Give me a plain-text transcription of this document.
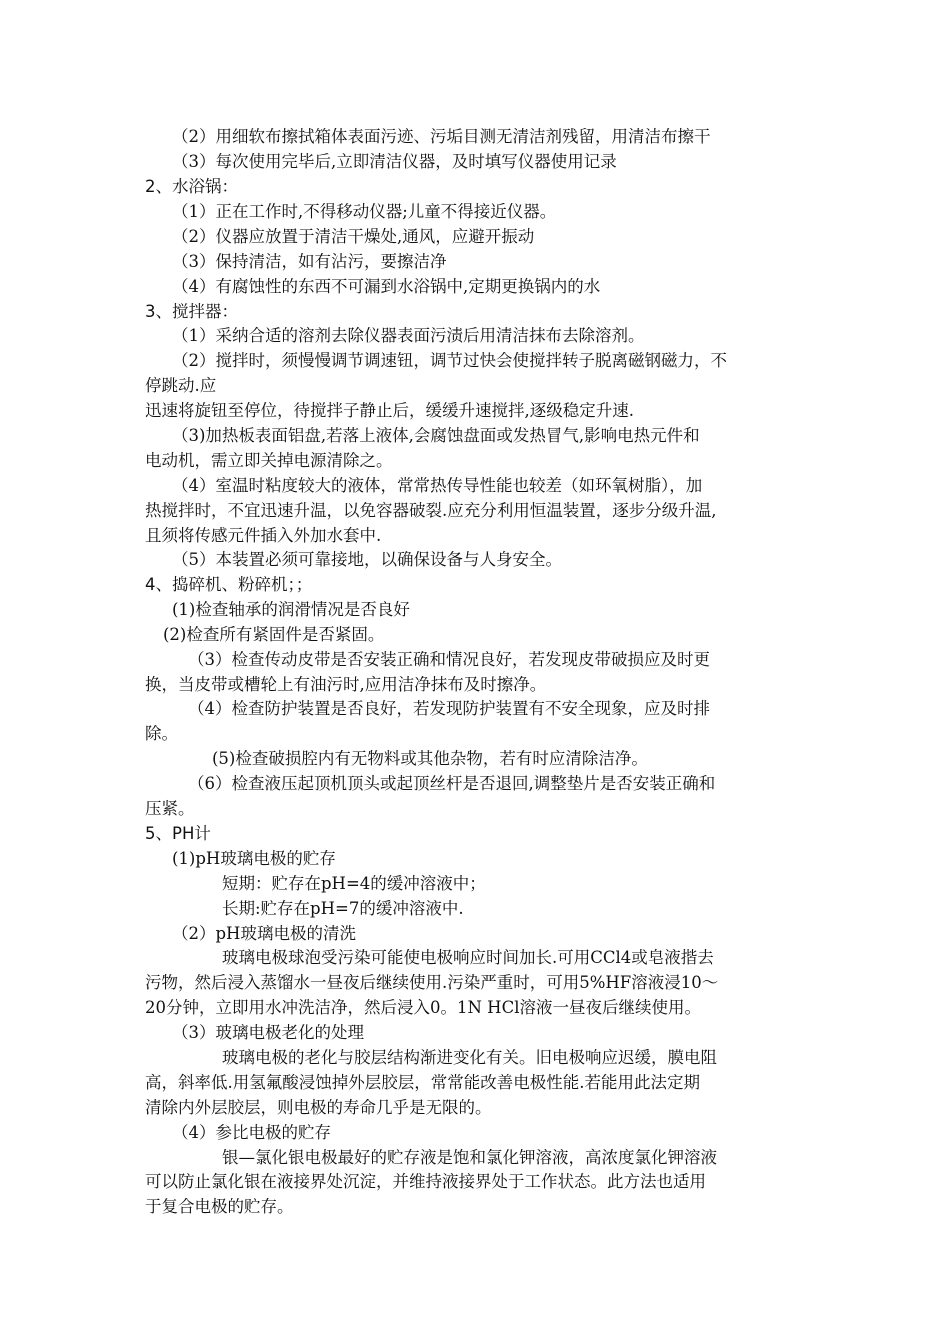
（2）用细软布擦拭箱体表面污迹、污垢目测无清洁剂残留，用清洁布擦干
（3）每次使用完毕后,立即清洁仪器，及时填写仪器使用记录
2、水浴锅：
（1）正在工作时,不得移动仪器;儿童不得接近仪器。
（2）仪器应放置于清洁干燥处,通风，应避开振动
（3）保持清洁，如有沾污，要擦洁净
（4）有腐蚀性的东西不可漏到水浴锅中,定期更换锅内的水
3、搅拌器：
（1）采纳合适的溶剂去除仪器表面污渍后用清洁抹布去除溶剂。
（2）搅拌时，须慢慢调节调速钮，调节过快会使搅拌转子脱离磁钢磁力，不
停跳动.应
迅速将旋钮至停位，待搅拌子静止后，缓缓升速搅拌,逐级稳定升速.
（3)加热板表面铝盘,若落上液体,会腐蚀盘面或发热冒气,影响电热元件和
电动机，需立即关掉电源清除之。
（4）室温时粘度较大的液体，常常热传导性能也较差（如环氧树脂），加
热搅拌时，不宜迅速升温，以免容器破裂.应充分利用恒温装置，逐步分级升温,
且须将传感元件插入外加水套中.
（5）本装置必须可靠接地，以确保设备与人身安全。
4、捣碎机、粉碎机；；
(1)检查轴承的润滑情况是否良好
(2)检查所有紧固件是否紧固。
（3）检查传动皮带是否安装正确和情况良好，若发现皮带破损应及时更
换，当皮带或槽轮上有油污时,应用洁净抹布及时擦净。
（4）检查防护装置是否良好，若发现防护装置有不安全现象，应及时排
除。
(5)检查破损腔内有无物料或其他杂物，若有时应清除洁净。
（6）检查液压起顶机顶头或起顶丝杆是否退回,调整垫片是否安装正确和
压紧。
5、PH计
(1)pH玻璃电极的贮存
短期：贮存在pH=4的缓冲溶液中；
长期:贮存在pH=7的缓冲溶液中.
（2）pH玻璃电极的清洗
玻璃电极球泡受污染可能使电极响应时间加长.可用CCl4或皂液揩去
污物，然后浸入蒸馏水一昼夜后继续使用.污染严重时，可用5%HF溶液浸10～
20分钟，立即用水冲洗洁净，然后浸入0。1N HCl溶液一昼夜后继续使用。
（3）玻璃电极老化的处理
玻璃电极的老化与胶层结构渐进变化有关。旧电极响应迟缓，膜电阻
高，斜率低.用氢氟酸浸蚀掉外层胶层，常常能改善电极性能.若能用此法定期
清除内外层胶层，则电极的寿命几乎是无限的。
（4）参比电极的贮存
银—氯化银电极最好的贮存液是饱和氯化钾溶液，高浓度氯化钾溶液
可以防止氯化银在液接界处沉淀，并维持液接界处于工作状态。此方法也适用
于复合电极的贮存。
